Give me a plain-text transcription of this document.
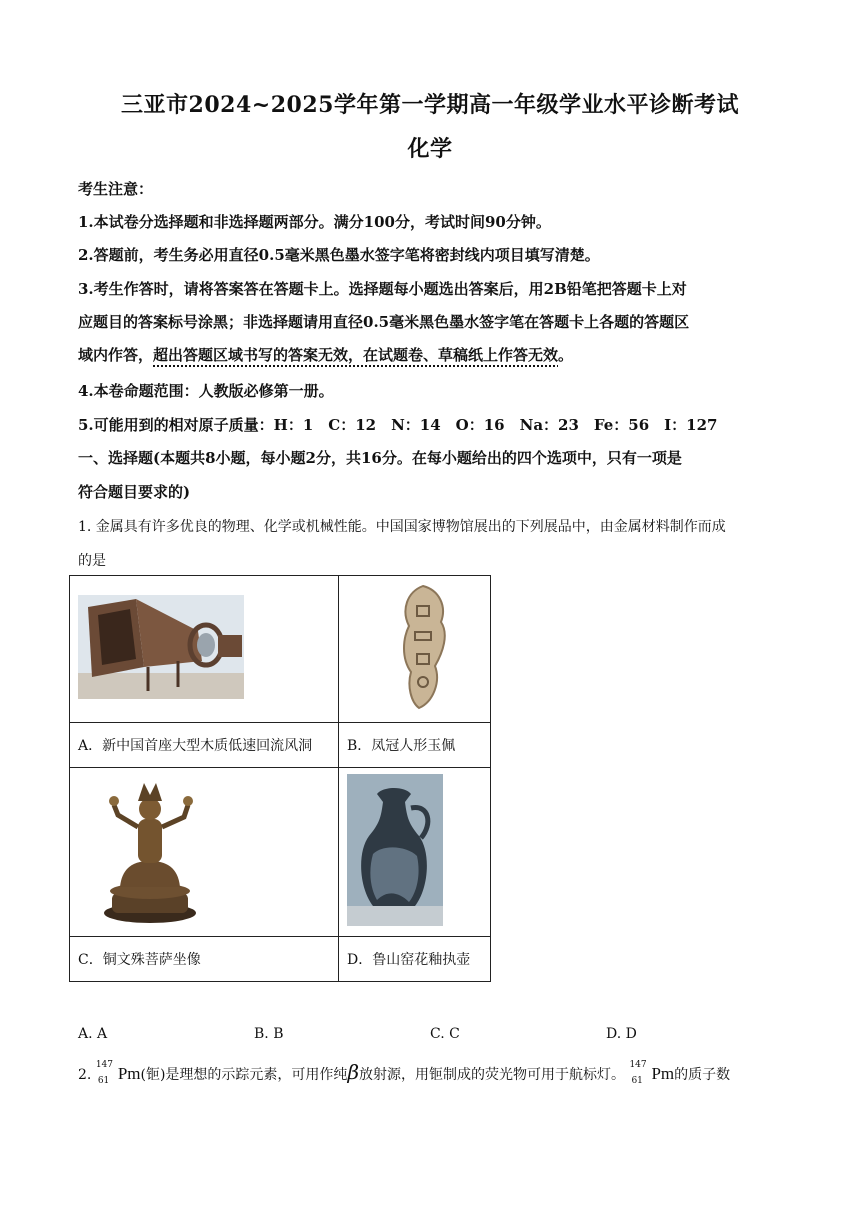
三亚市2024~2025学年第一学期高一年级学业水平诊断考试
化学
考生注意：
1.本试卷分选择题和非选择题两部分。满分100分，考试时间90分钟。
2.答题前，考生务必用直径0.5毫米黑色墨水签字笔将密封线内项目填写清楚。
3.考生作答时，请将答案答在答题卡上。选择题每小题选出答案后，用2B铅笔把答题卡上对
应题目的答案标号涂黑；非选择题请用直径0.5毫米黑色墨水签字笔在答题卡上各题的答题区
域内作答，超出答题区域书写的答案无效，在试题卷、草稿纸上作答无效。
4.本卷命题范围：人教版必修第一册。
5.可能用到的相对原子质量：H：1　C：12　N：14　O：16　Na：23　Fe：56　I：127
一、选择题(本题共8小题，每小题2分，共16分。在每小题给出的四个选项中，只有一项是
符合题目要求的)
1. 金属具有许多优良的物理、化学或机械性能。中国国家博物馆展出的下列展品中，由金属材料制作而成
的是

A．新中国首座大型木质低速回流风洞	B．凤冠人形玉佩

C．铜文殊菩萨坐像	D．鲁山窑花釉执壶
A. A	B. B	C. C	D. D
2.
147
61 Pm(钷)是理想的示踪元素，可用作纯β放射源，用钷制成的荧光物可用于航标灯。
147
61 Pm的质子数
